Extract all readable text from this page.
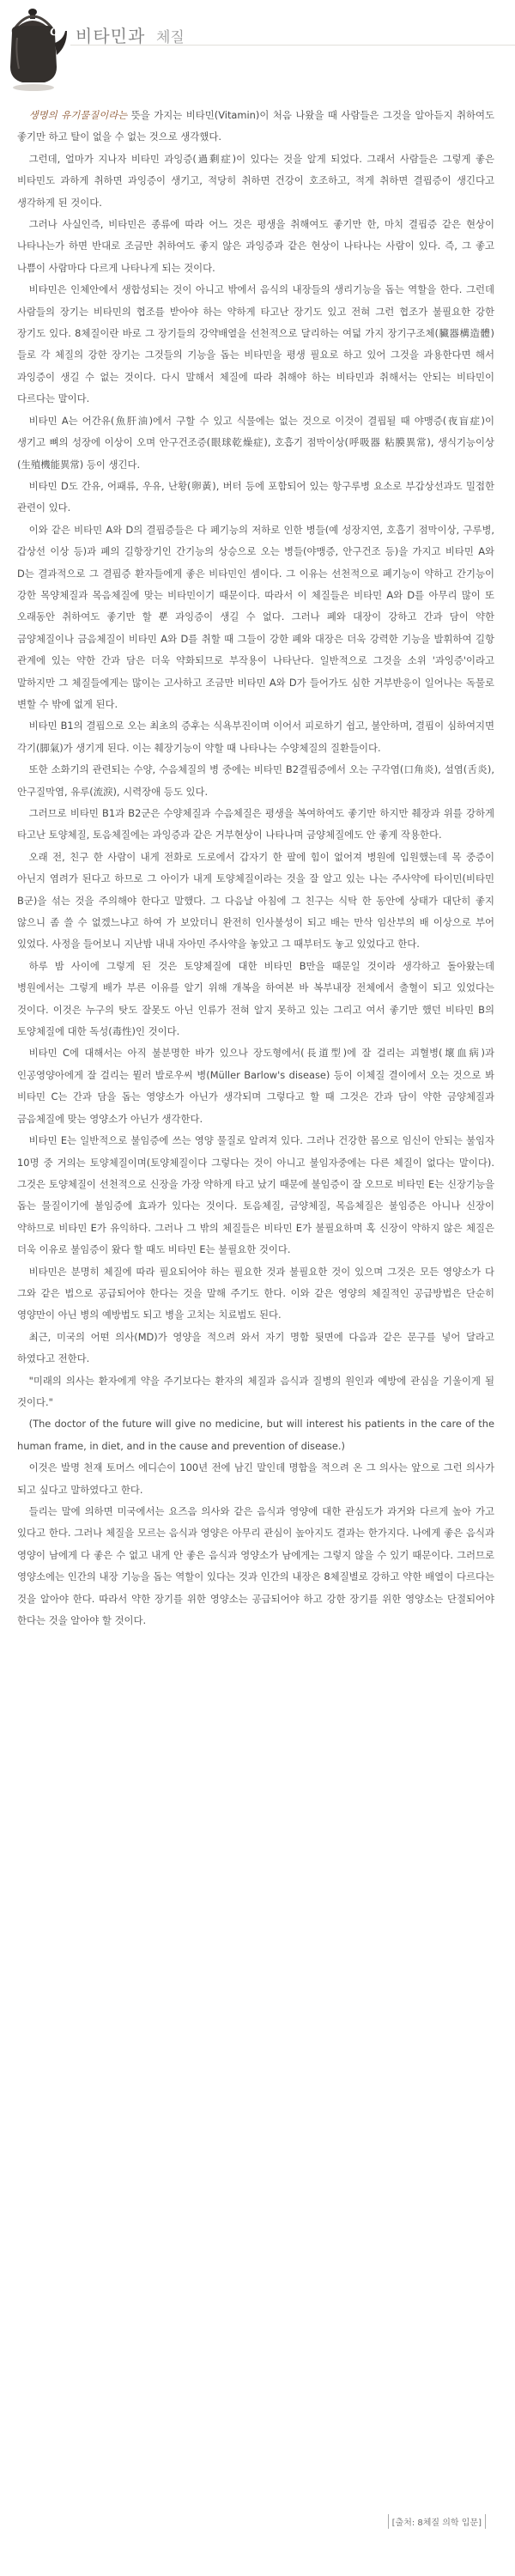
8 비타민과 체질

생명의 유기물질이라는 뜻을 가지는 비타민(Vitamin)이 처음 나왔을 때 사람들은 그것을 알아듣지 취하여도 좋기만 하고 탈이 없을 수 없는 것으로 생각했다.

그런데, 얼마가 지나자 비타민 과잉증(過剩症)이 있다는 것을 알게 되었다. 그래서 사람들은 그렇게 좋은 비타민도 과하게 취하면 과잉증이 생기고, 적당히 취하면 건강이 호조하고, 적게 취하면 결핍증이 생긴다고 생각하게 된 것이다.

그러나 사실인즉, 비타민은 종류에 따라 어느 것은 평생을 취해여도 좋기만 한, 마치 결핍증 같은 현상이 나타나는가 하면 반대로 조금만 취하여도 좋지 않은 과잉증과 같은 현상이 나타나는 사람이 있다. 즉, 그 좋고 나쁨이 사람마다 다르게 나타나게 되는 것이다.

비타민은 인체안에서 생합성되는 것이 아니고 밖에서 음식의 내장들의 생리기능을 돕는 역할을 한다. 그런데 사람들의 장기는 비타민의 협조를 받아야 하는 약하게 타고난 장기도 있고 전혀 그런 협조가 불필요한 강한 장기도 있다. 8체질이란 바로 그 장기들의 강약배열을 선천적으로 달리하는 여덟 가지 장기구조체(臟器構造體)들로 각 체질의 강한 장기는 그것들의 기능을 돕는 비타민을 평생 필요로 하고 있어 그것을 과용한다면 해서 과잉증이 생길 수 없는 것이다. 다시 말해서 체질에 따라 취해야 하는 비타민과 취해서는 안되는 비타민이 다르다는 말이다.

비타민 A는 어간유(魚肝油)에서 구할 수 있고 식물에는 없는 것으로 이것이 결핍될 때 야맹증(夜盲症)이 생기고 뼈의 성장에 이상이 오며 안구건조증(眼球乾燥症), 호흡기 점막이상(呼吸器 粘膜異常), 생식기능이상(生殖機能異常) 등이 생긴다.

비타민 D도 간유, 어패류, 우유, 난황(卵黃), 버터 등에 포함되어 있는 항구루병 요소로 부갑상선과도 밀접한 관련이 있다.

이와 같은 비타민 A와 D의 결핍증들은 다 폐기능의 저하로 인한 병들(예 성장지연, 호흡기 점막이상, 구루병, 갑상선 이상 등)과 폐의 길항장기인 간기능의 상승으로 오는 병들(야맹증, 안구건조 등)을 가지고 비타민 A와 D는 결과적으로 그 결핍증 환자들에게 좋은 비타민인 셈이다. 그 이유는 선천적으로 폐기능이 약하고 간기능이 강한 목양체질과 목음체질에 맞는 비타민이기 때문이다. 따라서 이 체질들은 비타민 A와 D를 아무리 많이 또 오래동안 취하여도 좋기만 할 뿐 과잉증이 생길 수 없다. 그러나 폐와 대장이 강하고 간과 담이 약한 금양체질이나 금음체질이 비타민 A와 D를 취할 때 그들이 강한 폐와 대장은 더욱 강력한 기능을 발휘하여 길항 관계에 있는 약한 간과 담은 더욱 약화되므로 부작용이 나타난다. 일반적으로 그것을 소위 '과잉증'이라고 말하지만 그 체질들에게는 많이는 고사하고 조금만 비타민 A와 D가 들어가도 심한 거부반응이 일어나는 독물로 변할 수 밖에 없게 된다.

비타민 B1의 결핍으로 오는 최초의 증후는 식욕부진이며 이어서 피로하기 쉽고, 불안하며, 결핍이 심하여지면 각기(脚氣)가 생기게 된다. 이는 췌장기능이 약할 때 나타나는 수양체질의 질환들이다.

또한 소화기의 관련되는 수양, 수음체질의 병 중에는 비타민 B2결핍증에서 오는 구각염(口角炎), 설염(舌炎), 안구질막염, 유루(流淚), 시력장애 등도 있다.

그러므로 비타민 B1과 B2군은 수양체질과 수음체질은 평생을 복여하여도 좋기만 하지만 췌장과 위를 강하게 타고난 토양체질, 토음체질에는 과잉증과 같은 거부현상이 나타나며 금양체질에도 안 좋게 작용한다.

오래 전, 친구 한 사람이 내게 전화로 도로에서 갑자기 한 팔에 힘이 없어져 병원에 입원했는데 목 중증이 아닌지 염려가 된다고 하므로 그 아이가 내게 토양체질이라는 것을 잘 알고 있는 나는 주사약에 타이민(비타민 B군)을 섞는 것을 주의해야 한다고 말했다. 그 다음날 아침에 그 친구는 식탁 한 동안에 상태가 대단히 좋지 않으니 좀 쓸 수 없겠느냐고 하여 가 보았더니 완전히 인사불성이 되고 배는 만삭 임산부의 배 이상으로 부어 있었다. 사정을 들어보니 지난밤 내내 자아민 주사약을 놓았고 그 때부터도 놓고 있었다고 한다.

하루 밤 사이에 그렇게 된 것은 토양체질에 대한 비타민 B만을 때문일 것이라 생각하고 돌아왔는데 병원에서는 그렇게 배가 부른 이유를 알기 위해 개복을 하여본 바 복부내장 전체에서 출혈이 되고 있었다는 것이다. 이것은 누구의 탓도 잘못도 아닌 인류가 전혀 알지 못하고 있는 그리고 여서 좋기만 했던 비타민 B의 토양체질에 대한 독성(毒性)인 것이다.

비타민 C에 대해서는 아직 불분명한 바가 있으나 장도형에서(長道型)에 잘 걸리는 괴혈병(壞血病)과 인공영양아에게 잘 걸리는 뮐러 발로우씨 병(Müller Barlow's disease) 등이 이체질 결이에서 오는 것으로 봐 비타민 C는 간과 담을 돕는 영양소가 아닌가 생각되며 그렇다고 할 때 그것은 간과 담이 약한 금양체질과 금음체질에 맞는 영양소가 아닌가 생각한다.

비타민 E는 일반적으로 불임증에 쓰는 영양 물질로 알려져 있다. 그러나 건강한 몸으로 임신이 안되는 불임자 10명 중 거의는 토양체질이며(토양체질이다 그렇다는 것이 아니고 불임자중에는 다른 체질이 없다는 말이다). 그것은 토양체질이 선천적으로 신장을 가장 약하게 타고 났기 때문에 불임증이 잘 오므로 비타민 E는 신장기능을 돕는 물질이기에 불임증에 효과가 있다는 것이다. 토음체질, 금양체질, 목음체질은 불임증은 아니나 신장이 약하므로 비타민 E가 유익하다. 그러나 그 밖의 체질들은 비타민 E가 불필요하며 혹 신장이 약하지 않은 체질은 더욱 이유로 불임증이 왔다 할 때도 비타민 E는 불필요한 것이다.

비타민은 분명히 체질에 따라 필요되어야 하는 필요한 것과 불필요한 것이 있으며 그것은 모든 영양소가 다 그와 같은 법으로 공급되어야 한다는 것을 말해 주기도 한다. 이와 같은 영양의 체질적인 공급방법은 단순히 영양만이 아닌 병의 예방법도 되고 병을 고치는 치료법도 된다.

최근, 미국의 어떤 의사(MD)가 영양을 적으려 와서 자기 명함 뒷면에 다음과 같은 문구를 넣어 달라고 하였다고 전한다.

"미래의 의사는 환자에게 약을 주기보다는 환자의 체질과 음식과 질병의 원인과 예방에 관심을 기울이게 될 것이다."

(The doctor of the future will give no medicine, but will interest his patients in the care of the human frame, in diet, and in the cause and prevention of disease.)

이것은 발명 천재 토머스 에디슨이 100년 전에 남긴 말인데 명함을 적으려 온 그 의사는 앞으로 그런 의사가 되고 싶다고 말하였다고 한다.

들리는 말에 의하면 미국에서는 요즈음 의사와 같은 음식과 영양에 대한 관심도가 과거와 다르게 높아 가고 있다고 한다. 그러나 체질을 모르는 음식과 영양은 아무리 관심이 높아지도 결과는 한가지다. 나에게 좋은 음식과 영양이 남에게 다 좋은 수 없고 내게 안 좋은 음식과 영양소가 남에게는 그렇지 않을 수 있기 때문이다. 그러므로 영양소에는 인간의 내장 기능을 돕는 역할이 있다는 것과 인간의 내장은 8체질별로 강하고 약한 배열이 다르다는 것을 알아야 한다. 따라서 약한 장기를 위한 영양소는 공급되어야 하고 강한 장기를 위한 영양소는 단절되어야 한다는 것을 알아야 할 것이다.

[출처: 8체질 의학 입문]
